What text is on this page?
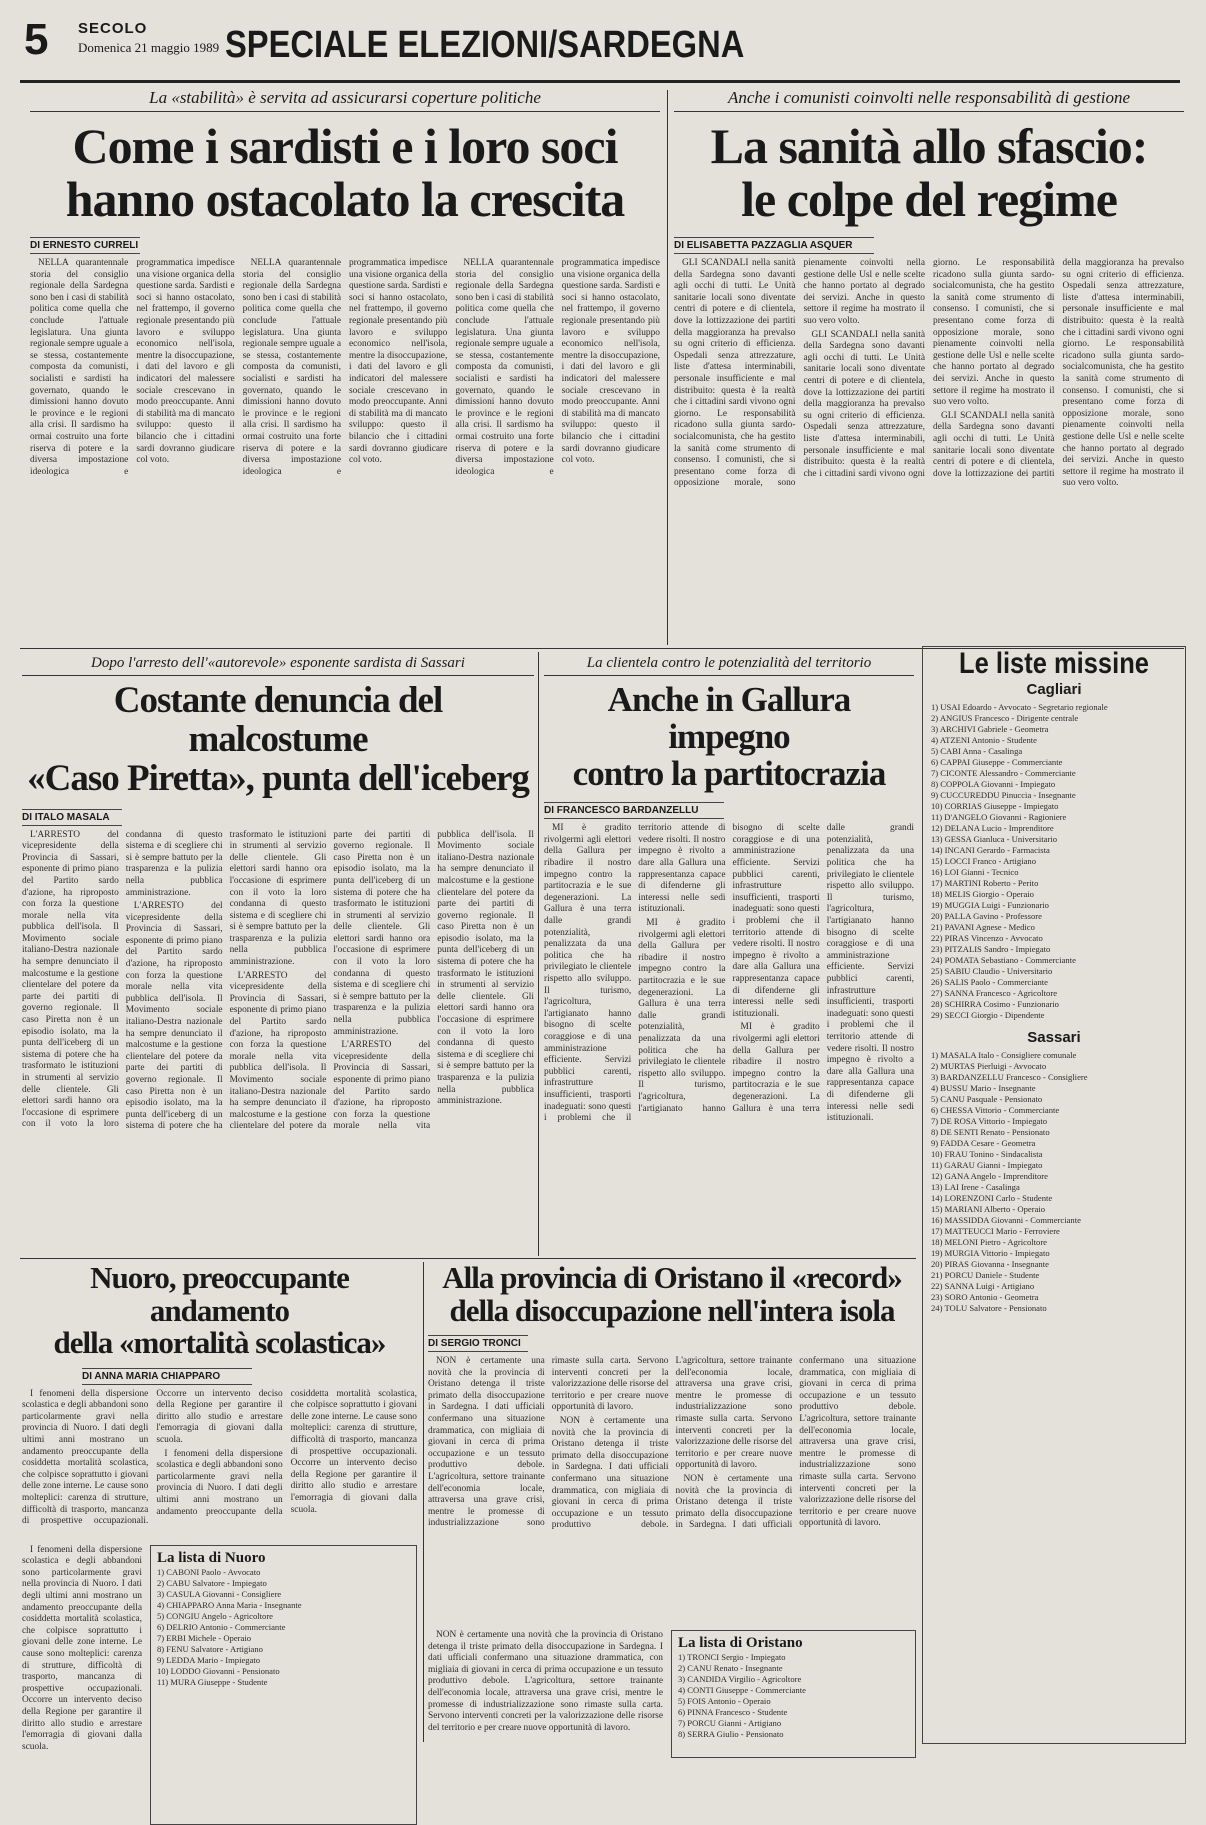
5 SECOLO
Domenica 21 maggio 1989 SPECIALE ELEZIONI/SARDEGNA
La «stabilità» è servita ad assicurarsi coperture politiche
Come i sardisti e i loro soci
hanno ostacolato la crescita
DI ERNESTO CURRELI

NELLA quarantennale storia del consiglio regionale della Sardegna sono ben i casi di stabilità politica come quella che conclude l'attuale legislatura. Una giunta regionale sempre uguale a se stessa, costantemente composta da comunisti, socialisti e sardisti ha governato, quando le dimissioni hanno dovuto le province e le regioni alla crisi. Il sardismo ha ormai costruito una forte riserva di potere e la diversa impostazione ideologica e programmatica impedisce una visione organica della questione sarda. Sardisti e soci si hanno ostacolato, nel frattempo, il governo regionale presentando più lavoro e sviluppo economico nell'isola, mentre la disoccupazione, i dati del lavoro e gli indicatori del malessere sociale crescevano in modo preoccupante. Anni di stabilità ma di mancato sviluppo: questo il bilancio che i cittadini sardi dovranno giudicare col voto.

NELLA quarantennale storia del consiglio regionale della Sardegna sono ben i casi di stabilità politica come quella che conclude l'attuale legislatura. Una giunta regionale sempre uguale a se stessa, costantemente composta da comunisti, socialisti e sardisti ha governato, quando le dimissioni hanno dovuto le province e le regioni alla crisi. Il sardismo ha ormai costruito una forte riserva di potere e la diversa impostazione ideologica e programmatica impedisce una visione organica della questione sarda. Sardisti e soci si hanno ostacolato, nel frattempo, il governo regionale presentando più lavoro e sviluppo economico nell'isola, mentre la disoccupazione, i dati del lavoro e gli indicatori del malessere sociale crescevano in modo preoccupante. Anni di stabilità ma di mancato sviluppo: questo il bilancio che i cittadini sardi dovranno giudicare col voto.

NELLA quarantennale storia del consiglio regionale della Sardegna sono ben i casi di stabilità politica come quella che conclude l'attuale legislatura. Una giunta regionale sempre uguale a se stessa, costantemente composta da comunisti, socialisti e sardisti ha governato, quando le dimissioni hanno dovuto le province e le regioni alla crisi. Il sardismo ha ormai costruito una forte riserva di potere e la diversa impostazione ideologica e programmatica impedisce una visione organica della questione sarda. Sardisti e soci si hanno ostacolato, nel frattempo, il governo regionale presentando più lavoro e sviluppo economico nell'isola, mentre la disoccupazione, i dati del lavoro e gli indicatori del malessere sociale crescevano in modo preoccupante. Anni di stabilità ma di mancato sviluppo: questo il bilancio che i cittadini sardi dovranno giudicare col voto.

Anche i comunisti coinvolti nelle responsabilità di gestione
La sanità allo sfascio:
le colpe del regime
DI ELISABETTA PAZZAGLIA ASQUER

GLI SCANDALI nella sanità della Sardegna sono davanti agli occhi di tutti. Le Unità sanitarie locali sono diventate centri di potere e di clientela, dove la lottizzazione dei partiti della maggioranza ha prevalso su ogni criterio di efficienza. Ospedali senza attrezzature, liste d'attesa interminabili, personale insufficiente e mal distribuito: questa è la realtà che i cittadini sardi vivono ogni giorno. Le responsabilità ricadono sulla giunta sardo-socialcomunista, che ha gestito la sanità come strumento di consenso. I comunisti, che si presentano come forza di opposizione morale, sono pienamente coinvolti nella gestione delle Usl e nelle scelte che hanno portato al degrado dei servizi. Anche in questo settore il regime ha mostrato il suo vero volto.

GLI SCANDALI nella sanità della Sardegna sono davanti agli occhi di tutti. Le Unità sanitarie locali sono diventate centri di potere e di clientela, dove la lottizzazione dei partiti della maggioranza ha prevalso su ogni criterio di efficienza. Ospedali senza attrezzature, liste d'attesa interminabili, personale insufficiente e mal distribuito: questa è la realtà che i cittadini sardi vivono ogni giorno. Le responsabilità ricadono sulla giunta sardo-socialcomunista, che ha gestito la sanità come strumento di consenso. I comunisti, che si presentano come forza di opposizione morale, sono pienamente coinvolti nella gestione delle Usl e nelle scelte che hanno portato al degrado dei servizi. Anche in questo settore il regime ha mostrato il suo vero volto.

GLI SCANDALI nella sanità della Sardegna sono davanti agli occhi di tutti. Le Unità sanitarie locali sono diventate centri di potere e di clientela, dove la lottizzazione dei partiti della maggioranza ha prevalso su ogni criterio di efficienza. Ospedali senza attrezzature, liste d'attesa interminabili, personale insufficiente e mal distribuito: questa è la realtà che i cittadini sardi vivono ogni giorno. Le responsabilità ricadono sulla giunta sardo-socialcomunista, che ha gestito la sanità come strumento di consenso. I comunisti, che si presentano come forza di opposizione morale, sono pienamente coinvolti nella gestione delle Usl e nelle scelte che hanno portato al degrado dei servizi. Anche in questo settore il regime ha mostrato il suo vero volto.

Dopo l'arresto dell'«autorevole» esponente sardista di Sassari
Costante denuncia del malcostume
«Caso Piretta», punta dell'iceberg
DI ITALO MASALA

L'ARRESTO del vicepresidente della Provincia di Sassari, esponente di primo piano del Partito sardo d'azione, ha riproposto con forza la questione morale nella vita pubblica dell'isola. Il Movimento sociale italiano-Destra nazionale ha sempre denunciato il malcostume e la gestione clientelare del potere da parte dei partiti di governo regionale. Il caso Piretta non è un episodio isolato, ma la punta dell'iceberg di un sistema di potere che ha trasformato le istituzioni in strumenti al servizio delle clientele. Gli elettori sardi hanno ora l'occasione di esprimere con il voto la loro condanna di questo sistema e di scegliere chi si è sempre battuto per la trasparenza e la pulizia nella pubblica amministrazione.

L'ARRESTO del vicepresidente della Provincia di Sassari, esponente di primo piano del Partito sardo d'azione, ha riproposto con forza la questione morale nella vita pubblica dell'isola. Il Movimento sociale italiano-Destra nazionale ha sempre denunciato il malcostume e la gestione clientelare del potere da parte dei partiti di governo regionale. Il caso Piretta non è un episodio isolato, ma la punta dell'iceberg di un sistema di potere che ha trasformato le istituzioni in strumenti al servizio delle clientele. Gli elettori sardi hanno ora l'occasione di esprimere con il voto la loro condanna di questo sistema e di scegliere chi si è sempre battuto per la trasparenza e la pulizia nella pubblica amministrazione.

L'ARRESTO del vicepresidente della Provincia di Sassari, esponente di primo piano del Partito sardo d'azione, ha riproposto con forza la questione morale nella vita pubblica dell'isola. Il Movimento sociale italiano-Destra nazionale ha sempre denunciato il malcostume e la gestione clientelare del potere da parte dei partiti di governo regionale. Il caso Piretta non è un episodio isolato, ma la punta dell'iceberg di un sistema di potere che ha trasformato le istituzioni in strumenti al servizio delle clientele. Gli elettori sardi hanno ora l'occasione di esprimere con il voto la loro condanna di questo sistema e di scegliere chi si è sempre battuto per la trasparenza e la pulizia nella pubblica amministrazione.

L'ARRESTO del vicepresidente della Provincia di Sassari, esponente di primo piano del Partito sardo d'azione, ha riproposto con forza la questione morale nella vita pubblica dell'isola. Il Movimento sociale italiano-Destra nazionale ha sempre denunciato il malcostume e la gestione clientelare del potere da parte dei partiti di governo regionale. Il caso Piretta non è un episodio isolato, ma la punta dell'iceberg di un sistema di potere che ha trasformato le istituzioni in strumenti al servizio delle clientele. Gli elettori sardi hanno ora l'occasione di esprimere con il voto la loro condanna di questo sistema e di scegliere chi si è sempre battuto per la trasparenza e la pulizia nella pubblica amministrazione.

La clientela contro le potenzialità del territorio
Anche in Gallura impegno
contro la partitocrazia
DI FRANCESCO BARDANZELLU

MI è gradito rivolgermi agli elettori della Gallura per ribadire il nostro impegno contro la partitocrazia e le sue degenerazioni. La Gallura è una terra dalle grandi potenzialità, penalizzata da una politica che ha privilegiato le clientele rispetto allo sviluppo. Il turismo, l'agricoltura, l'artigianato hanno bisogno di scelte coraggiose e di una amministrazione efficiente. Servizi pubblici carenti, infrastrutture insufficienti, trasporti inadeguati: sono questi i problemi che il territorio attende di vedere risolti. Il nostro impegno è rivolto a dare alla Gallura una rappresentanza capace di difenderne gli interessi nelle sedi istituzionali.

MI è gradito rivolgermi agli elettori della Gallura per ribadire il nostro impegno contro la partitocrazia e le sue degenerazioni. La Gallura è una terra dalle grandi potenzialità, penalizzata da una politica che ha privilegiato le clientele rispetto allo sviluppo. Il turismo, l'agricoltura, l'artigianato hanno bisogno di scelte coraggiose e di una amministrazione efficiente. Servizi pubblici carenti, infrastrutture insufficienti, trasporti inadeguati: sono questi i problemi che il territorio attende di vedere risolti. Il nostro impegno è rivolto a dare alla Gallura una rappresentanza capace di difenderne gli interessi nelle sedi istituzionali.

MI è gradito rivolgermi agli elettori della Gallura per ribadire il nostro impegno contro la partitocrazia e le sue degenerazioni. La Gallura è una terra dalle grandi potenzialità, penalizzata da una politica che ha privilegiato le clientele rispetto allo sviluppo. Il turismo, l'agricoltura, l'artigianato hanno bisogno di scelte coraggiose e di una amministrazione efficiente. Servizi pubblici carenti, infrastrutture insufficienti, trasporti inadeguati: sono questi i problemi che il territorio attende di vedere risolti. Il nostro impegno è rivolto a dare alla Gallura una rappresentanza capace di difenderne gli interessi nelle sedi istituzionali.

Le liste missine
Cagliari
1) USAI Edoardo - Avvocato - Segretario regionale
2) ANGIUS Francesco - Dirigente centrale
3) ARCHIVI Gabriele - Geometra
4) ATZENI Antonio - Studente
5) CABI Anna - Casalinga
6) CAPPAI Giuseppe - Commerciante
7) CICONTE Alessandro - Commerciante
8) COPPOLA Giovanni - Impiegato
9) CUCCUREDDU Pinuccia - Insegnante
10) CORRIAS Giuseppe - Impiegato
11) D'ANGELO Giovanni - Ragioniere
12) DELANA Lucio - Imprenditore
13) GESSA Gianluca - Universitario
14) INCANI Gerardo - Farmacista
15) LOCCI Franco - Artigiano
16) LOI Gianni - Tecnico
17) MARTINI Roberto - Perito
18) MELIS Giorgio - Operaio
19) MUGGIA Luigi - Funzionario
20) PALLA Gavino - Professore
21) PAVANI Agnese - Medico
22) PIRAS Vincenzo - Avvocato
23) PITZALIS Sandro - Impiegato
24) POMATA Sebastiano - Commerciante
25) SABIU Claudio - Universitario
26) SALIS Paolo - Commerciante
27) SANNA Francesco - Agricoltore
28) SCHIRRA Cosimo - Funzionario
29) SECCI Giorgio - Dipendente
Sassari
1) MASALA Italo - Consigliere comunale
2) MURTAS Pierluigi - Avvocato
3) BARDANZELLU Francesco - Consigliere
4) BUSSU Mario - Insegnante
5) CANU Pasquale - Pensionato
6) CHESSA Vittorio - Commerciante
7) DE ROSA Vittorio - Impiegato
8) DE SENTI Renato - Pensionato
9) FADDA Cesare - Geometra
10) FRAU Tonino - Sindacalista
11) GARAU Gianni - Impiegato
12) GANA Angelo - Imprenditore
13) LAI Irene - Casalinga
14) LORENZONI Carlo - Studente
15) MARIANI Alberto - Operaio
16) MASSIDDA Giovanni - Commerciante
17) MATTEUCCI Mario - Ferroviere
18) MELONI Pietro - Agricoltore
19) MURGIA Vittorio - Impiegato
20) PIRAS Giovanna - Insegnante
21) PORCU Daniele - Studente
22) SANNA Luigi - Artigiano
23) SORO Antonio - Geometra
24) TOLU Salvatore - Pensionato
Nuoro, preoccupante andamento
della «mortalità scolastica»
DI ANNA MARIA CHIAPPARO

I fenomeni della dispersione scolastica e degli abbandoni sono particolarmente gravi nella provincia di Nuoro. I dati degli ultimi anni mostrano un andamento preoccupante della cosiddetta mortalità scolastica, che colpisce soprattutto i giovani delle zone interne. Le cause sono molteplici: carenza di strutture, difficoltà di trasporto, mancanza di prospettive occupazionali. Occorre un intervento deciso della Regione per garantire il diritto allo studio e arrestare l'emorragia di giovani dalla scuola.

I fenomeni della dispersione scolastica e degli abbandoni sono particolarmente gravi nella provincia di Nuoro. I dati degli ultimi anni mostrano un andamento preoccupante della cosiddetta mortalità scolastica, che colpisce soprattutto i giovani delle zone interne. Le cause sono molteplici: carenza di strutture, difficoltà di trasporto, mancanza di prospettive occupazionali. Occorre un intervento deciso della Regione per garantire il diritto allo studio e arrestare l'emorragia di giovani dalla scuola.

I fenomeni della dispersione scolastica e degli abbandoni sono particolarmente gravi nella provincia di Nuoro. I dati degli ultimi anni mostrano un andamento preoccupante della cosiddetta mortalità scolastica, che colpisce soprattutto i giovani delle zone interne. Le cause sono molteplici: carenza di strutture, difficoltà di trasporto, mancanza di prospettive occupazionali. Occorre un intervento deciso della Regione per garantire il diritto allo studio e arrestare l'emorragia di giovani dalla scuola.

La lista di Nuoro
1) CABONI Paolo - Avvocato
2) CABU Salvatore - Impiegato
3) CASULA Giovanni - Consigliere
4) CHIAPPARO Anna Maria - Insegnante
5) CONGIU Angelo - Agricoltore
6) DELRIO Antonio - Commerciante
7) ERBI Michele - Operaio
8) FENU Salvatore - Artigiano
9) LEDDA Mario - Impiegato
10) LODDO Giovanni - Pensionato
11) MURA Giuseppe - Studente
Alla provincia di Oristano il «record»
della disoccupazione nell'intera isola
DI SERGIO TRONCI

NON è certamente una novità che la provincia di Oristano detenga il triste primato della disoccupazione in Sardegna. I dati ufficiali confermano una situazione drammatica, con migliaia di giovani in cerca di prima occupazione e un tessuto produttivo debole. L'agricoltura, settore trainante dell'economia locale, attraversa una grave crisi, mentre le promesse di industrializzazione sono rimaste sulla carta. Servono interventi concreti per la valorizzazione delle risorse del territorio e per creare nuove opportunità di lavoro.

NON è certamente una novità che la provincia di Oristano detenga il triste primato della disoccupazione in Sardegna. I dati ufficiali confermano una situazione drammatica, con migliaia di giovani in cerca di prima occupazione e un tessuto produttivo debole. L'agricoltura, settore trainante dell'economia locale, attraversa una grave crisi, mentre le promesse di industrializzazione sono rimaste sulla carta. Servono interventi concreti per la valorizzazione delle risorse del territorio e per creare nuove opportunità di lavoro.

NON è certamente una novità che la provincia di Oristano detenga il triste primato della disoccupazione in Sardegna. I dati ufficiali confermano una situazione drammatica, con migliaia di giovani in cerca di prima occupazione e un tessuto produttivo debole. L'agricoltura, settore trainante dell'economia locale, attraversa una grave crisi, mentre le promesse di industrializzazione sono rimaste sulla carta. Servono interventi concreti per la valorizzazione delle risorse del territorio e per creare nuove opportunità di lavoro.

NON è certamente una novità che la provincia di Oristano detenga il triste primato della disoccupazione in Sardegna. I dati ufficiali confermano una situazione drammatica, con migliaia di giovani in cerca di prima occupazione e un tessuto produttivo debole. L'agricoltura, settore trainante dell'economia locale, attraversa una grave crisi, mentre le promesse di industrializzazione sono rimaste sulla carta. Servono interventi concreti per la valorizzazione delle risorse del territorio e per creare nuove opportunità di lavoro.

La lista di Oristano
1) TRONCI Sergio - Impiegato
2) CANU Renato - Insegnante
3) CANDIDA Virgilio - Agricoltore
4) CONTI Giuseppe - Commerciante
5) FOIS Antonio - Operaio
6) PINNA Francesco - Studente
7) PORCU Gianni - Artigiano
8) SERRA Giulio - Pensionato
